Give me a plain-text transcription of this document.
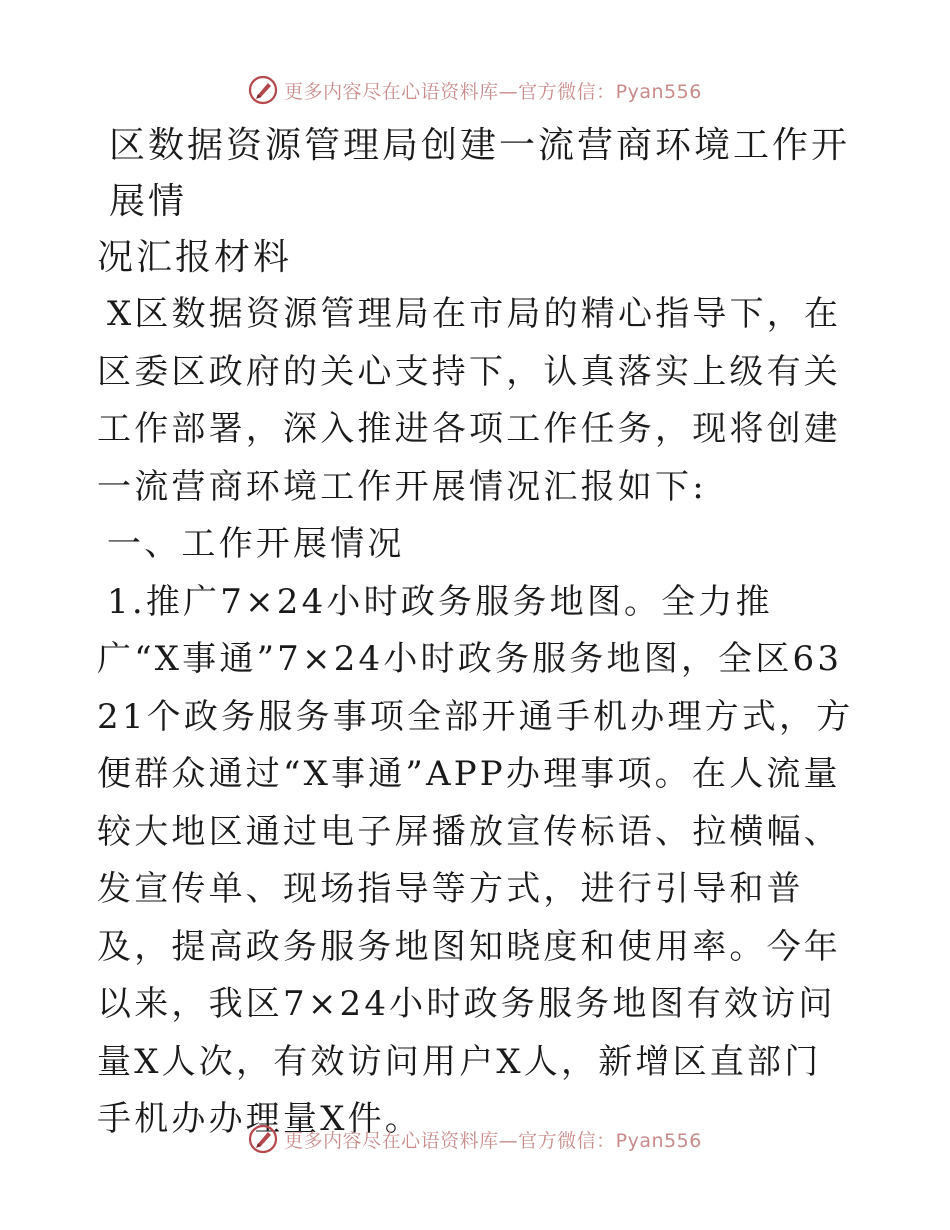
更多内容尽在心语资料库—官方微信：Pyan556
区数据资源管理局创建一流营商环境工作开展情
况汇报材料

X区数据资源管理局在市局的精心指导下，在区委区政府的关心支持下，认真落实上级有关工作部署，深入推进各项工作任务，现将创建一流营商环境工作开展情况汇报如下:

一、工作开展情况

1.推广7×24小时政务服务地图。全力推广“X事通”7×24小时政务服务地图，全区6321个政务服务事项全部开通手机办理方式，方便群众通过“X事通”APP办理事项。在人流量较大地区通过电子屏播放宣传标语、拉横幅、发宣传单、现场指导等方式，进行引导和普及，提高政务服务地图知晓度和使用率。今年以来，我区7×24小时政务服务地图有效访问量X人次，有效访问用户X人，新增区直部门手机办办理量X件。

更多内容尽在心语资料库—官方微信：Pyan556
